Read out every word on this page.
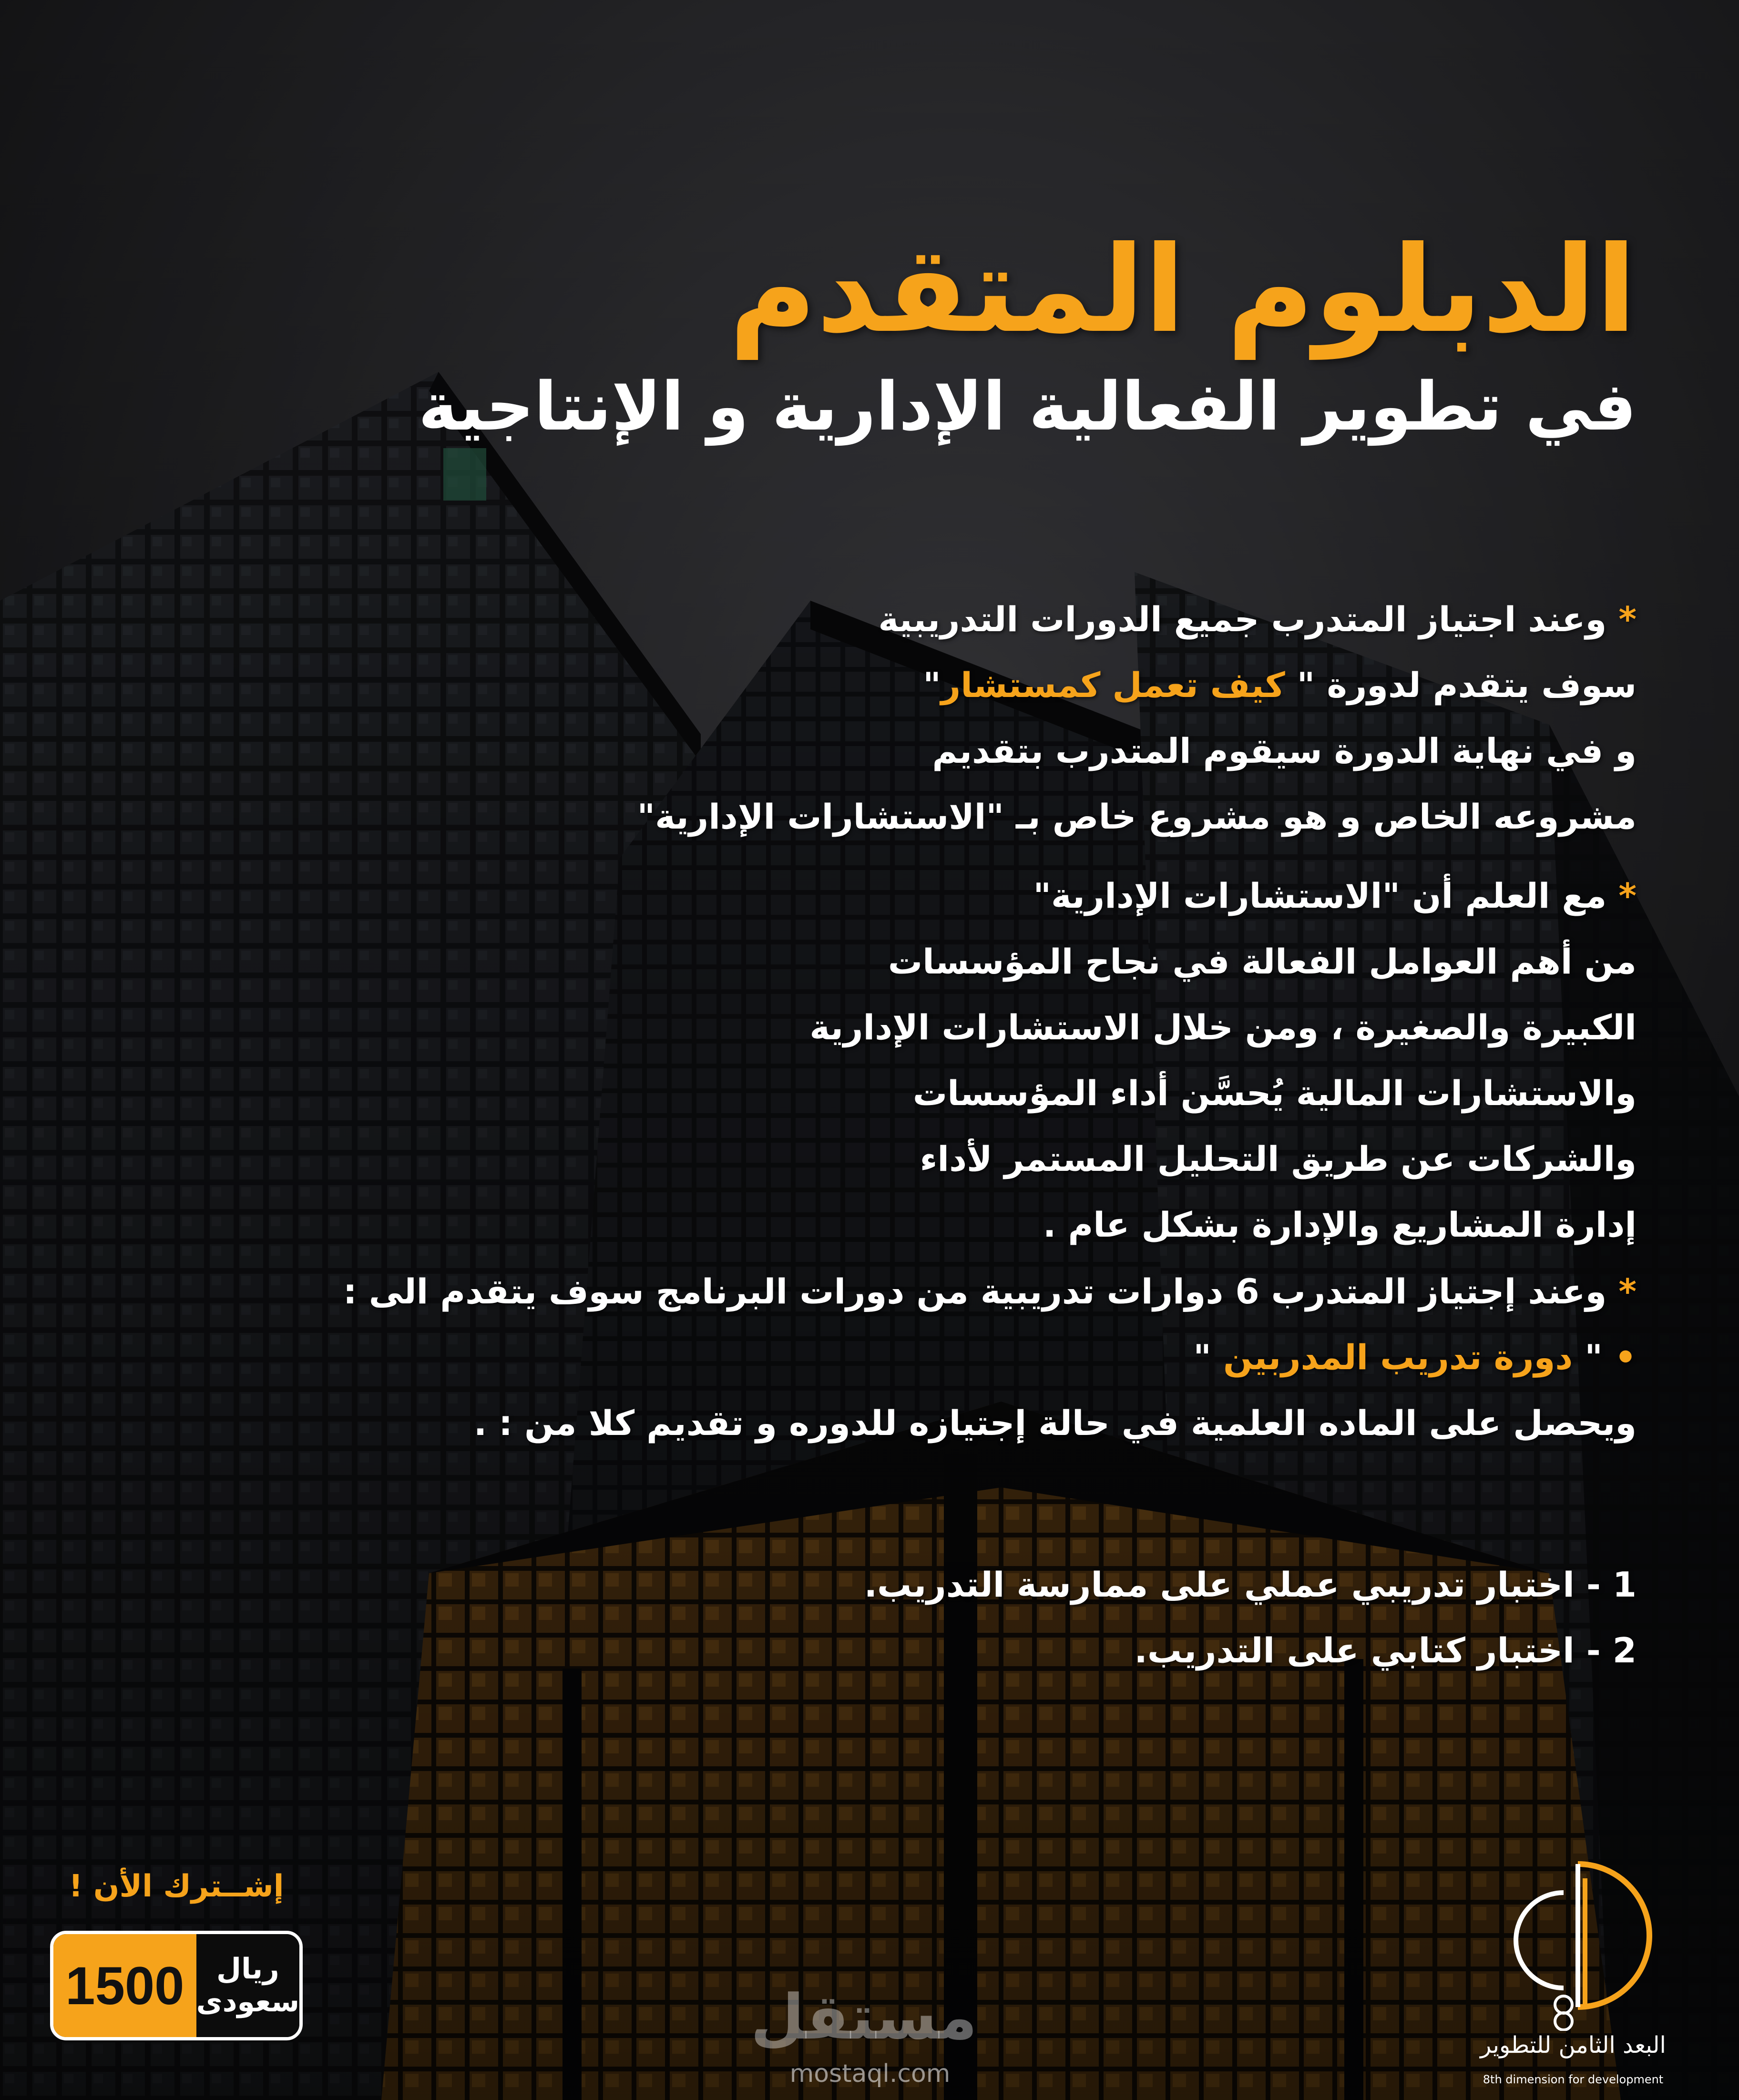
الدبلوم المتقدم
في تطوير الفعالية الإدارية و الإنتاجية
* وعند اجتياز المتدرب جميع الدورات التدريبية
سوف يتقدم لدورة " كيف تعمل كمستشار"
و في نهاية الدورة سيقوم المتدرب بتقديم
مشروعه الخاص و هو مشروع خاص بـ "الاستشارات الإدارية"
* مع العلم أن "الاستشارات الإدارية"
من أهم العوامل الفعالة في نجاح المؤسسات
الكبيرة والصغيرة ، ومن خلال الاستشارات الإدارية
والاستشارات المالية يُحسَّن أداء المؤسسات
والشركات عن طريق التحليل المستمر لأداء
إدارة المشاريع والإدارة بشكل عام .
* وعند إجتياز المتدرب 6 دوارات تدريبية من دورات البرنامج سوف يتقدم الى :
• " دورة تدريب المدربين "
ويحصل على الماده العلمية في حالة إجتيازه للدوره و تقديم كلا من : .
1 - اختبار تدريبي عملي على ممارسة التدريب.
2 - اختبار كتابي على التدريب.
إشــترك الأن !
1500	ريال
سعودى	مستقل
mostaql.com
البعد الثامن للتطوير
8th dimension for development
